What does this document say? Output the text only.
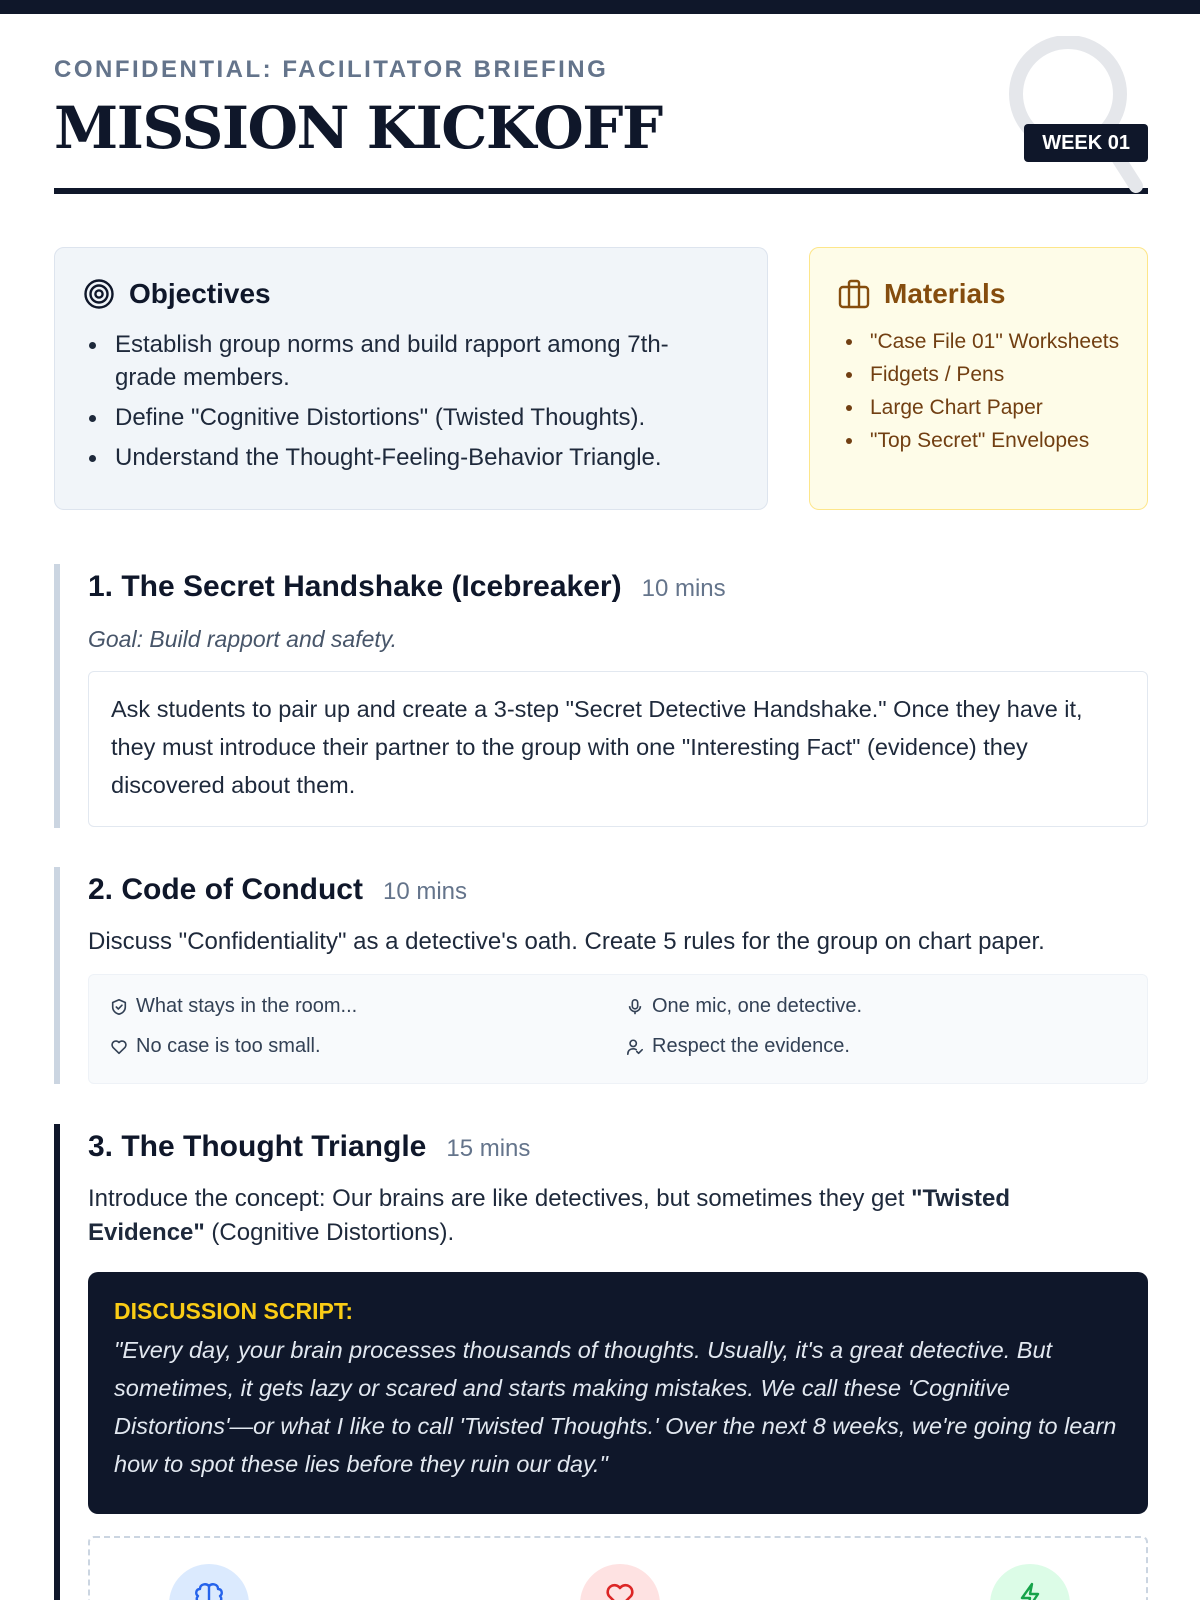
CONFIDENTIAL: FACILITATOR BRIEFING
MISSION KICKOFF	WEEK 01
Objectives
Establish group norms and build rapport among 7th-grade members.
Define "Cognitive Distortions" (Twisted Thoughts).
Understand the Thought-Feeling-Behavior Triangle.
Materials
"Case File 01" Worksheets
Fidgets / Pens
Large Chart Paper
"Top Secret" Envelopes
1. The Secret Handshake (Icebreaker) 10 mins

Goal: Build rapport and safety.

Ask students to pair up and create a 3-step "Secret Detective Handshake." Once they have it, they must introduce their partner to the group with one "Interesting Fact" (evidence) they discovered about them.
2. Code of Conduct 10 mins

Discuss "Confidentiality" as a detective's oath. Create 5 rules for the group on chart paper.

What stays in the room...	One mic, one detective.
No case is too small.	Respect the evidence.
3. The Thought Triangle 15 mins

Introduce the concept: Our brains are like detectives, but sometimes they get "Twisted Evidence" (Cognitive Distortions).

DISCUSSION SCRIPT:

"Every day, your brain processes thousands of thoughts. Usually, it's a great detective. But sometimes, it gets lazy or scared and starts making mistakes. We call these 'Cognitive Distortions'—or what I like to call 'Twisted Thoughts.' Over the next 8 weeks, we're going to learn how to spot these lies before they ruin our day."
